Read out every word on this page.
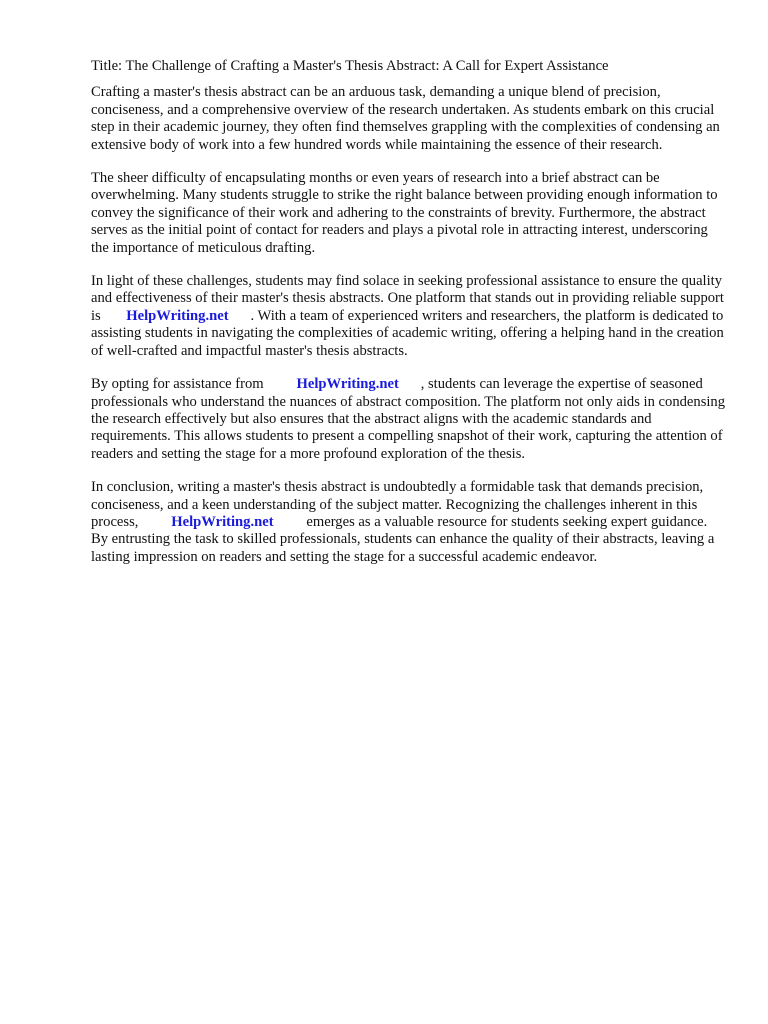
Title: The Challenge of Crafting a Master's Thesis Abstract: A Call for Expert Assistance

Crafting a master's thesis abstract can be an arduous task, demanding a unique blend of precision, conciseness, and a comprehensive overview of the research undertaken. As students embark on this crucial step in their academic journey, they often find themselves grappling with the complexities of condensing an extensive body of work into a few hundred words while maintaining the essence of their research.

The sheer difficulty of encapsulating months or even years of research into a brief abstract can be overwhelming. Many students struggle to strike the right balance between providing enough information to convey the significance of their work and adhering to the constraints of brevity. Furthermore, the abstract serves as the initial point of contact for readers and plays a pivotal role in attracting interest, underscoring the importance of meticulous drafting.

In light of these challenges, students may find solace in seeking professional assistance to ensure the quality and effectiveness of their master's thesis abstracts. One platform that stands out in providing reliable support is HelpWriting.net . With a team of experienced writers and researchers, the platform is dedicated to assisting students in navigating the complexities of academic writing, offering a helping hand in the creation of well-crafted and impactful master's thesis abstracts.

By opting for assistance from HelpWriting.net , students can leverage the expertise of seasoned professionals who understand the nuances of abstract composition. The platform not only aids in condensing the research effectively but also ensures that the abstract aligns with the academic standards and requirements. This allows students to present a compelling snapshot of their work, capturing the attention of readers and setting the stage for a more profound exploration of the thesis.

In conclusion, writing a master's thesis abstract is undoubtedly a formidable task that demands precision, conciseness, and a keen understanding of the subject matter. Recognizing the challenges inherent in this process, HelpWriting.net emerges as a valuable resource for students seeking expert guidance. By entrusting the task to skilled professionals, students can enhance the quality of their abstracts, leaving a lasting impression on readers and setting the stage for a successful academic endeavor.
